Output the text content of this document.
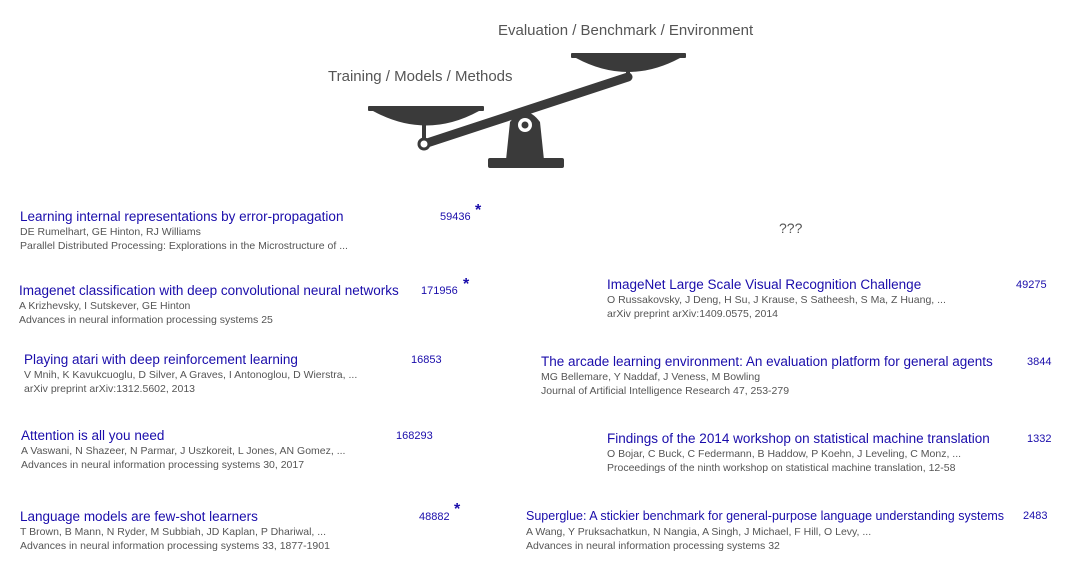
Evaluation / Benchmark / Environment
Training / Models / Methods
Learning internal representations by error-propagation
DE Rumelhart, GE Hinton, RJ Williams
Parallel Distributed Processing: Explorations in the Microstructure of ...
59436 *
Imagenet classification with deep convolutional neural networks
A Krizhevsky, I Sutskever, GE Hinton
Advances in neural information processing systems 25
171956 *
Playing atari with deep reinforcement learning
V Mnih, K Kavukcuoglu, D Silver, A Graves, I Antonoglou, D Wierstra, ...
arXiv preprint arXiv:1312.5602, 2013
16853
Attention is all you need
A Vaswani, N Shazeer, N Parmar, J Uszkoreit, L Jones, AN Gomez, ...
Advances in neural information processing systems 30, 2017
168293
Language models are few-shot learners
T Brown, B Mann, N Ryder, M Subbiah, JD Kaplan, P Dhariwal, ...
Advances in neural information processing systems 33, 1877-1901
48882 *
???
ImageNet Large Scale Visual Recognition Challenge
O Russakovsky, J Deng, H Su, J Krause, S Satheesh, S Ma, Z Huang, ...
arXiv preprint arXiv:1409.0575, 2014
49275
The arcade learning environment: An evaluation platform for general agents
MG Bellemare, Y Naddaf, J Veness, M Bowling
Journal of Artificial Intelligence Research 47, 253-279
3844
Findings of the 2014 workshop on statistical machine translation
O Bojar, C Buck, C Federmann, B Haddow, P Koehn, J Leveling, C Monz, ...
Proceedings of the ninth workshop on statistical machine translation, 12-58
1332
Superglue: A stickier benchmark for general-purpose language understanding systems
A Wang, Y Pruksachatkun, N Nangia, A Singh, J Michael, F Hill, O Levy, ...
Advances in neural information processing systems 32
2483
